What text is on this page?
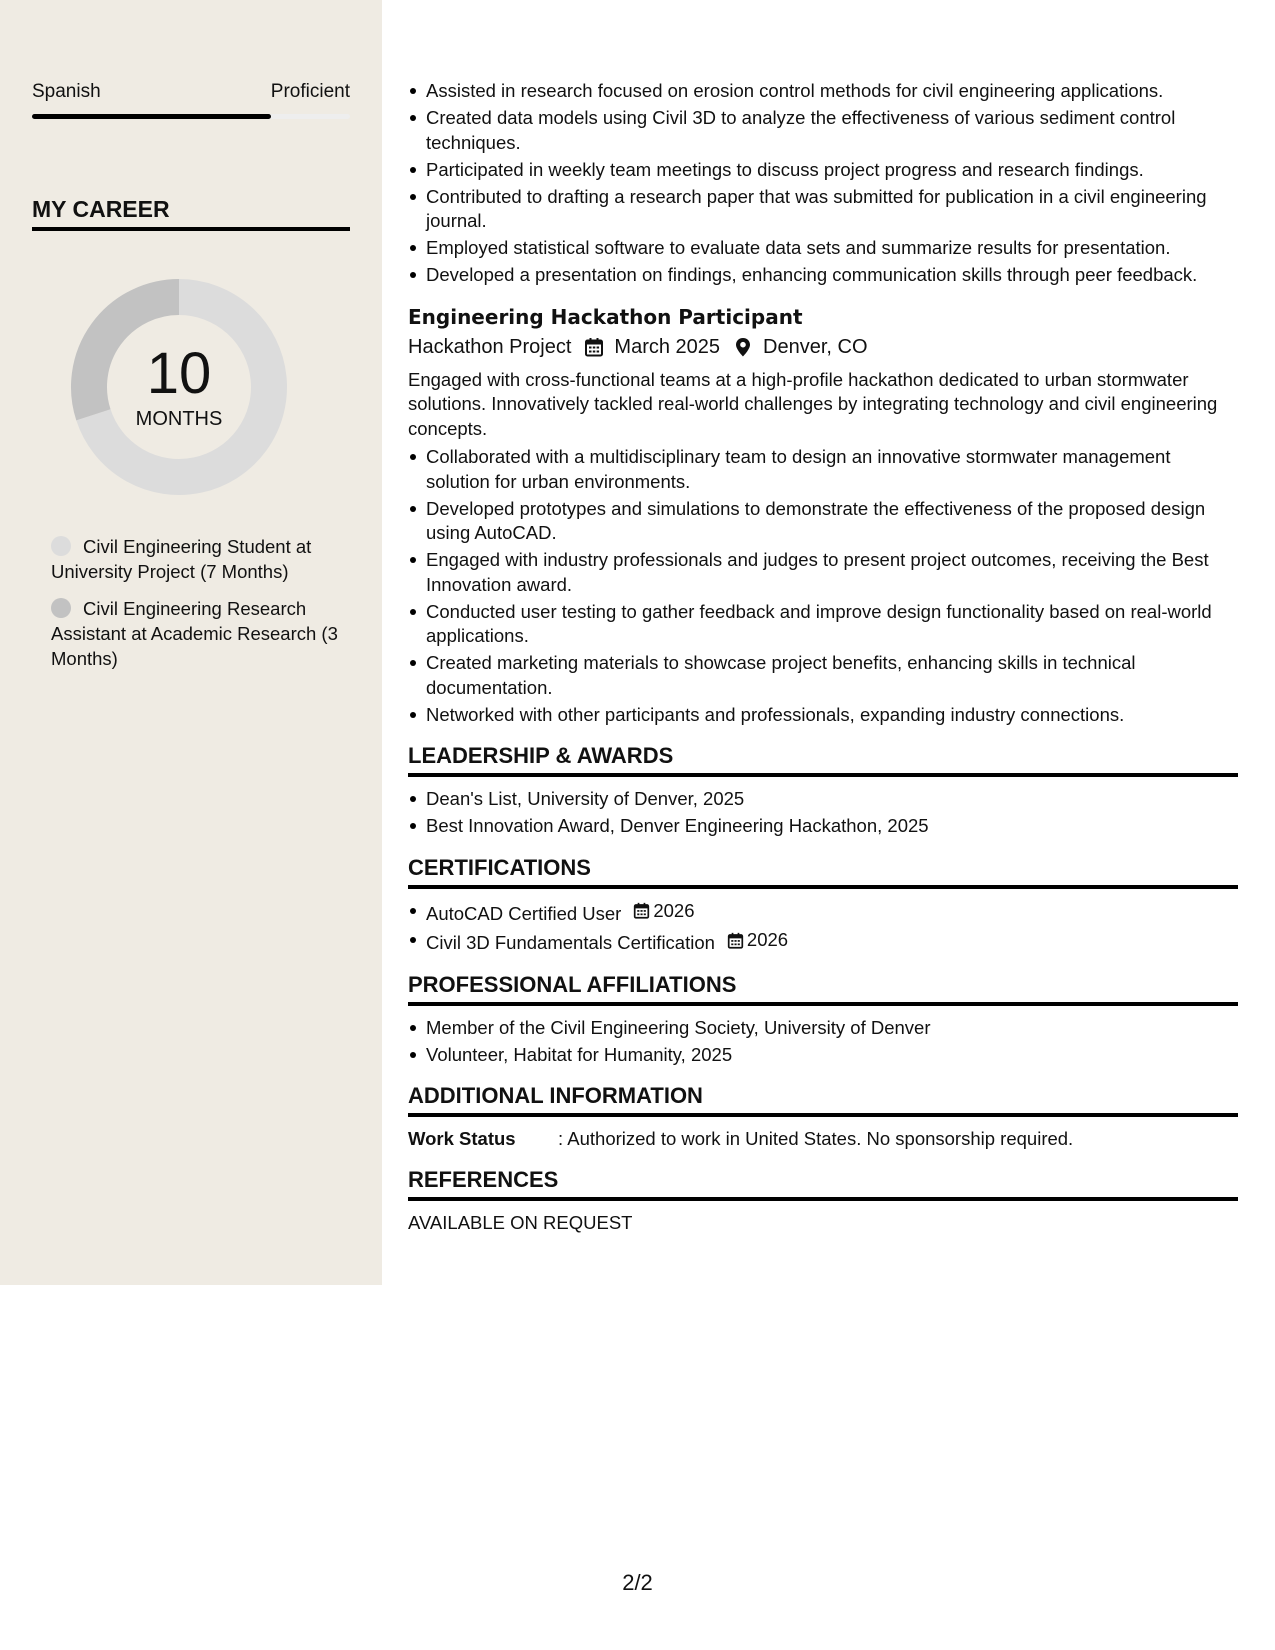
Spanish	Proficient
MY CAREER
10
MONTHS
Civil Engineering Student at University Project (7 Months)
Civil Engineering Research Assistant at Academic Research (3 Months)
Assisted in research focused on erosion control methods for civil engineering applications.
Created data models using Civil 3D to analyze the effectiveness of various sediment control techniques.
Participated in weekly team meetings to discuss project progress and research findings.
Contributed to drafting a research paper that was submitted for publication in a civil engineering journal.
Employed statistical software to evaluate data sets and summarize results for presentation.
Developed a presentation on findings, enhancing communication skills through peer feedback.
Engineering Hackathon Participant
Hackathon Project March 2025 Denver, CO
Engaged with cross-functional teams at a high-profile hackathon dedicated to urban stormwater solutions. Innovatively tackled real-world challenges by integrating technology and civil engineering concepts.
Collaborated with a multidisciplinary team to design an innovative stormwater management solution for urban environments.
Developed prototypes and simulations to demonstrate the effectiveness of the proposed design using AutoCAD.
Engaged with industry professionals and judges to present project outcomes, receiving the Best Innovation award.
Conducted user testing to gather feedback and improve design functionality based on real-world applications.
Created marketing materials to showcase project benefits, enhancing skills in technical documentation.
Networked with other participants and professionals, expanding industry connections.
LEADERSHIP & AWARDS
Dean's List, University of Denver, 2025
Best Innovation Award, Denver Engineering Hackathon, 2025
CERTIFICATIONS
AutoCAD Certified User 2026
Civil 3D Fundamentals Certification 2026
PROFESSIONAL AFFILIATIONS
Member of the Civil Engineering Society, University of Denver
Volunteer, Habitat for Humanity, 2025
ADDITIONAL INFORMATION
Work Status	: Authorized to work in United States. No sponsorship required.
REFERENCES
AVAILABLE ON REQUEST
2/2
